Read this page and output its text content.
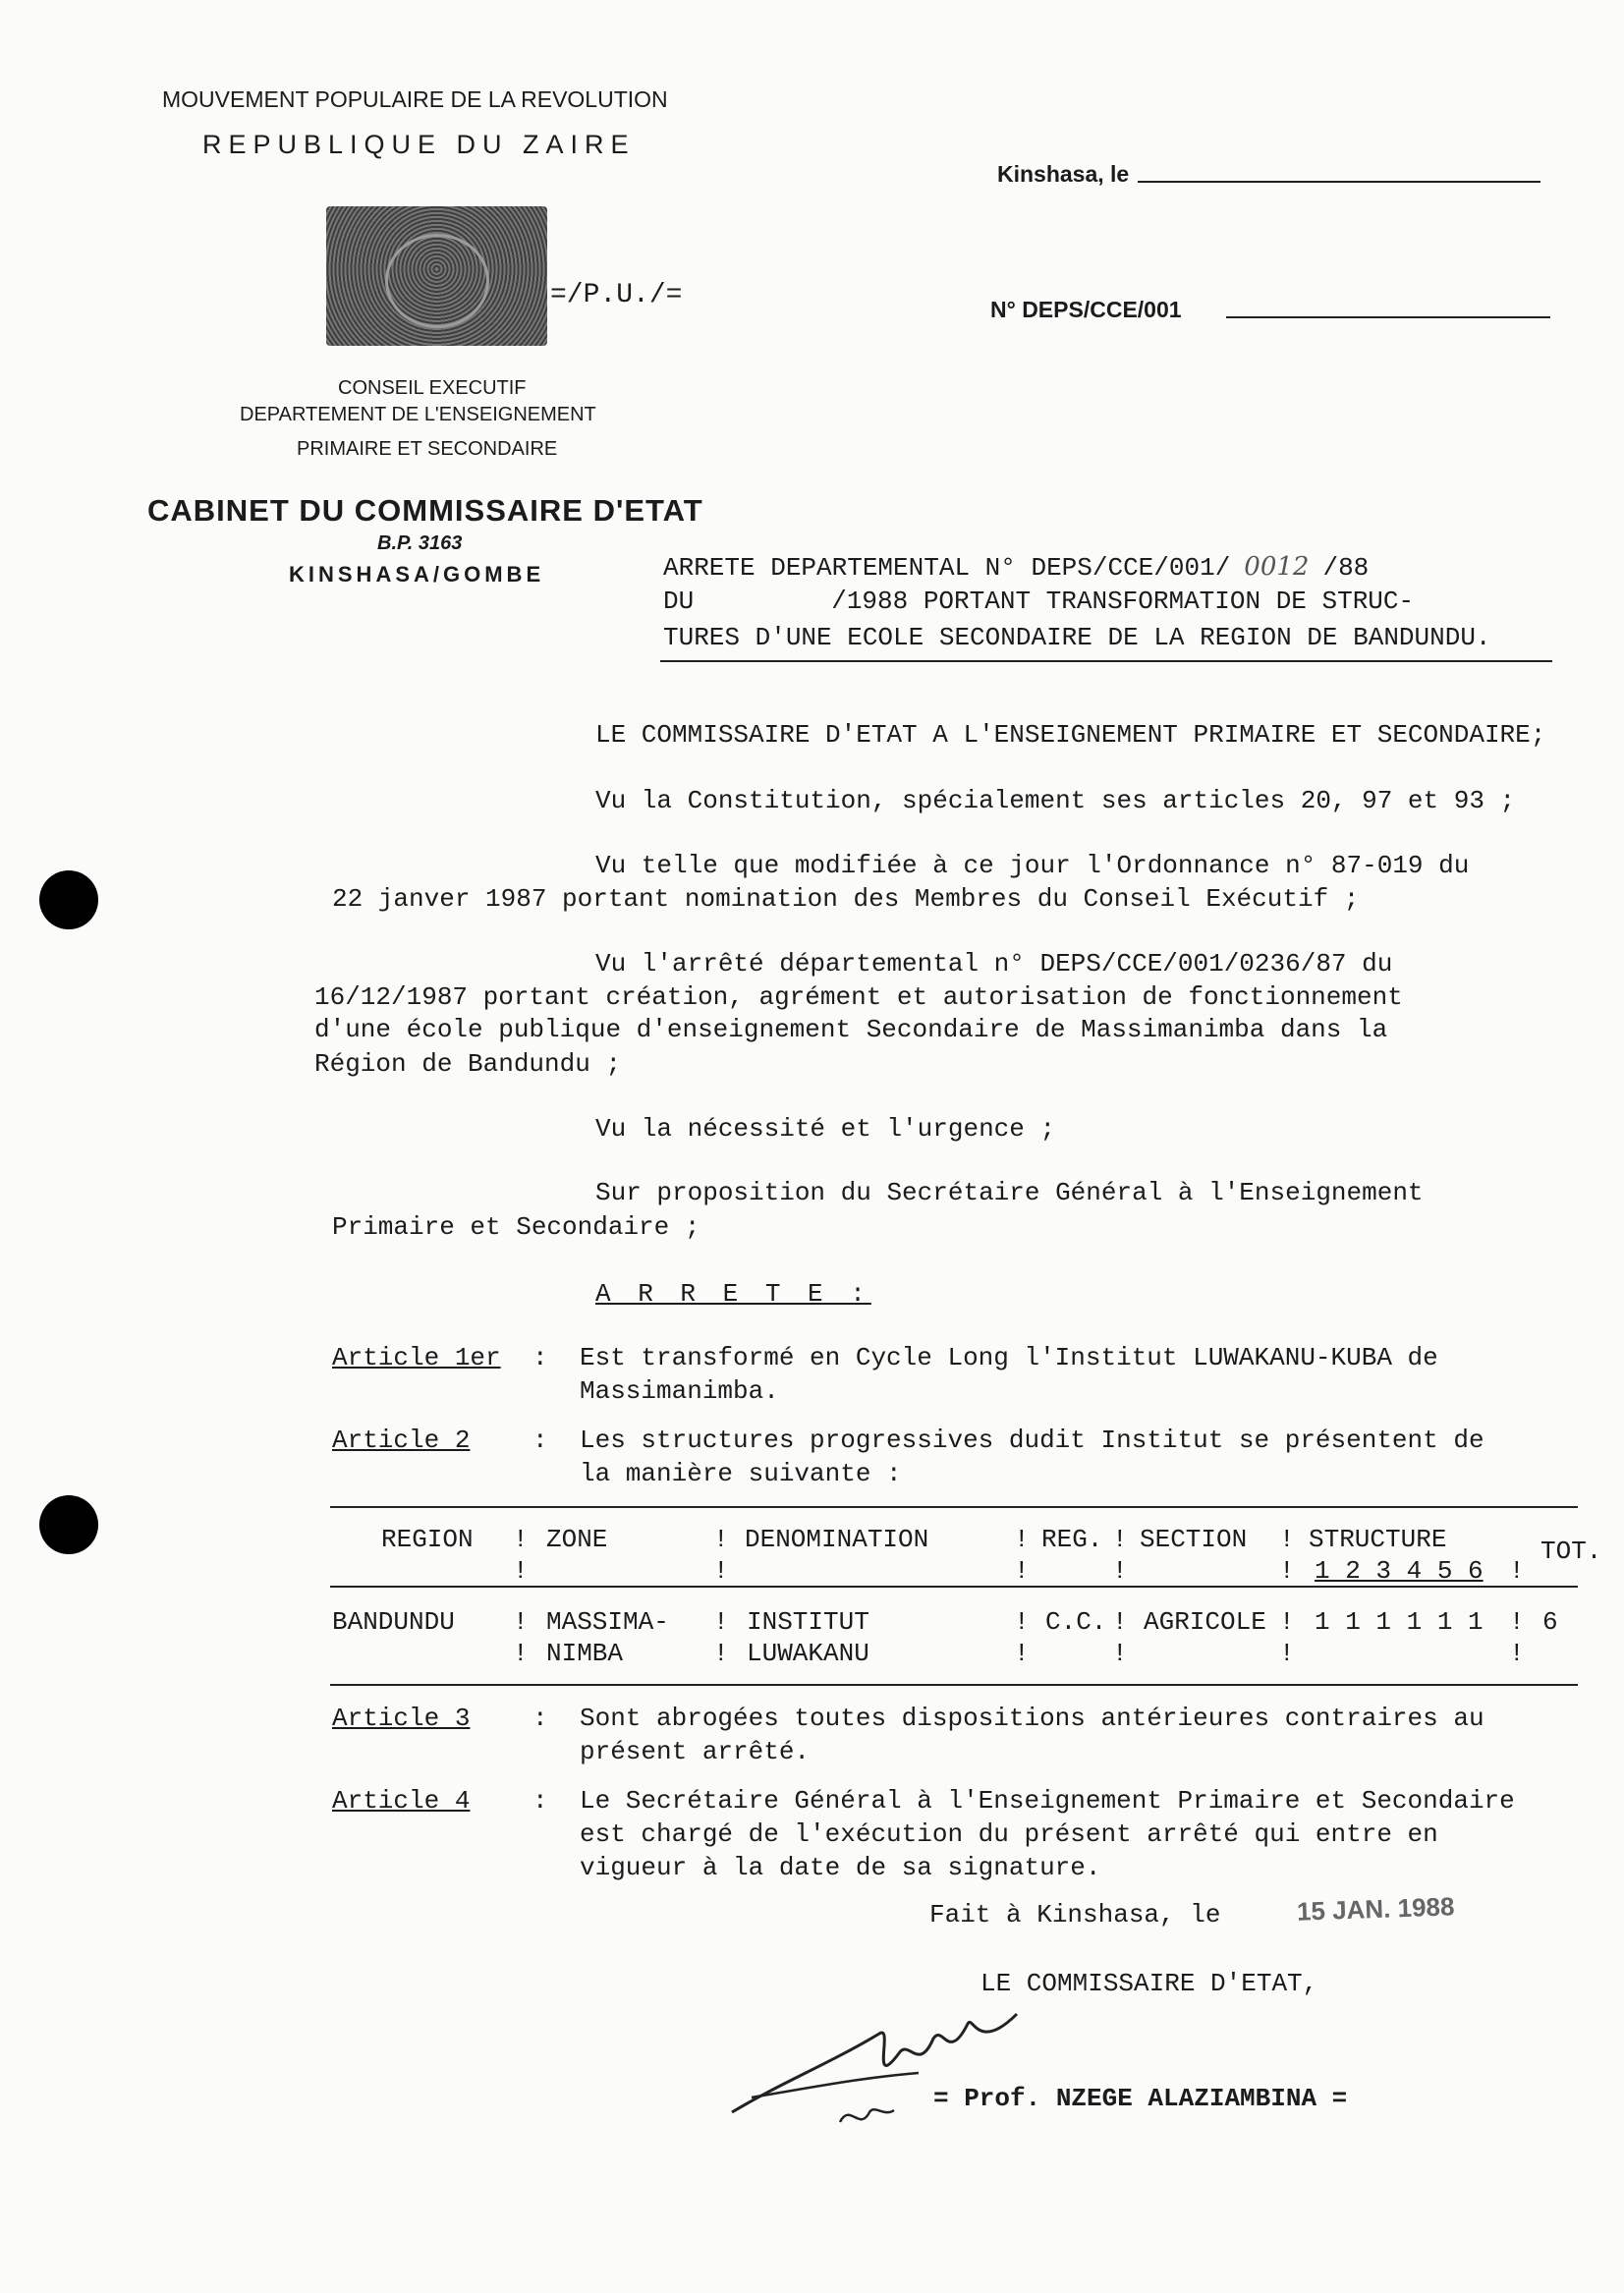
MOUVEMENT POPULAIRE DE LA REVOLUTION
REPUBLIQUE DU ZAIRE
=/P.U./=
CONSEIL EXECUTIF
DEPARTEMENT DE L'ENSEIGNEMENT
PRIMAIRE ET SECONDAIRE
CABINET DU COMMISSAIRE D'ETAT
B.P. 3163
KINSHASA/GOMBE
Kinshasa, le
N° DEPS/CCE/001
ARRETE DEPARTEMENTAL N° DEPS/CCE/001/ 0012 /88
DU	/1988 PORTANT TRANSFORMATION DE STRUC-
TURES D'UNE ECOLE SECONDAIRE DE LA REGION DE BANDUNDU.
LE COMMISSAIRE D'ETAT A L'ENSEIGNEMENT PRIMAIRE ET SECONDAIRE;
Vu la Constitution, spécialement ses articles 20, 97 et 93 ;
Vu telle que modifiée à ce jour l'Ordonnance n° 87-019 du
22 janver 1987 portant nomination des Membres du Conseil Exécutif ;
Vu l'arrêté départemental n° DEPS/CCE/001/0236/87 du
16/12/1987 portant création, agrément et autorisation de fonctionnement
d'une école publique d'enseignement Secondaire de Massimanimba dans la
Région de Bandundu ;
Vu la nécessité et l'urgence ;
Sur proposition du Secrétaire Général à l'Enseignement
Primaire et Secondaire ;
A R R E T E :
Article 1er : Est transformé en Cycle Long l'Institut LUWAKANU-KUBA de
Massimanimba.
Article 2 : Les structures progressives dudit Institut se présentent de
la manière suivante :
REGION ! ZONE	! DENOMINATION	! REG. ! SECTION ! STRUCTURE	TOT.
1 2 3 4 5 6
!	!	!	!	!	!
BANDUNDU ! MASSIMA- ! INSTITUT	! C.C. ! AGRICOLE ! 1 1 1 1 1 1 ! 6
! NIMBA	! LUWAKANU	!	!	!	!
Article 3 : Sont abrogées toutes dispositions antérieures contraires au
présent arrêté.
Article 4 : Le Secrétaire Général à l'Enseignement Primaire et Secondaire
est chargé de l'exécution du présent arrêté qui entre en
vigueur à la date de sa signature.
Fait à Kinshasa, le	15 JAN. 1988
LE COMMISSAIRE D'ETAT,
= Prof. NZEGE ALAZIAMBINA =
